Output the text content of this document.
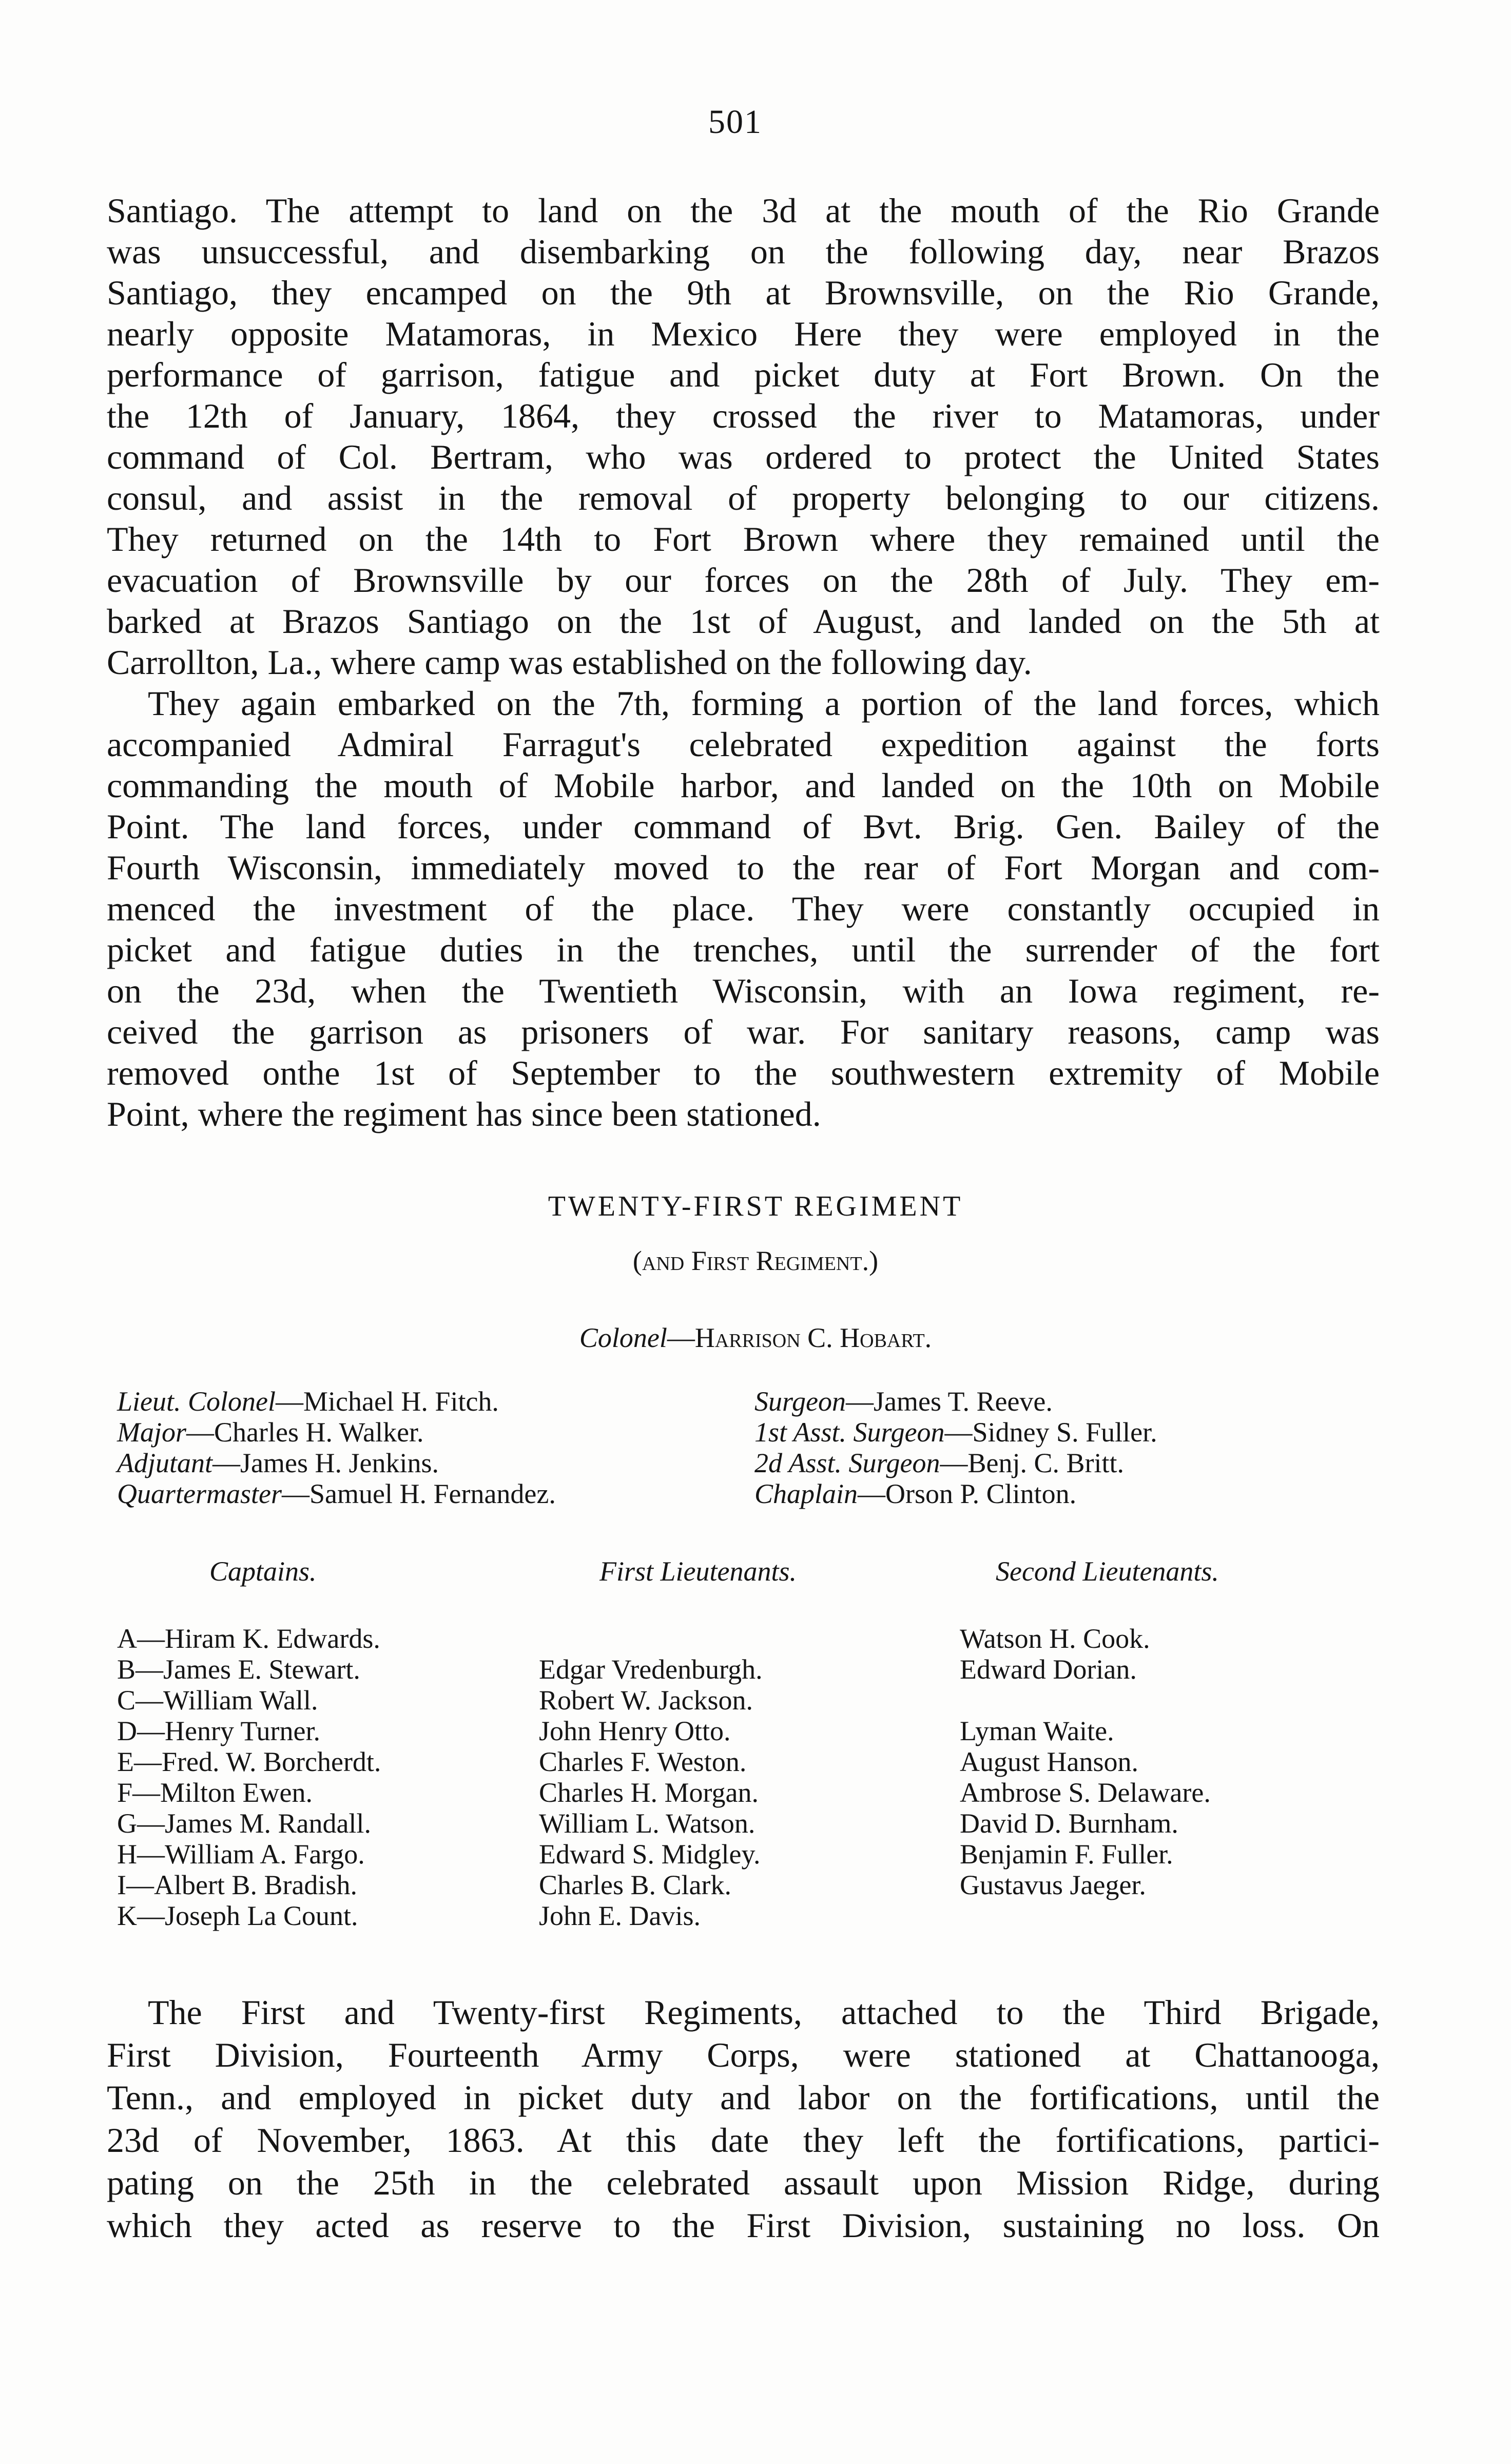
501
Santiago. The attempt to land on the 3d at the mouth of the Rio Grande
was unsuccessful, and disembarking on the following day, near Brazos
Santiago, they encamped on the 9th at Brownsville, on the Rio Grande,
nearly opposite Matamoras, in Mexico Here they were employed in the
performance of garrison, fatigue and picket duty at Fort Brown. On the
the 12th of January, 1864, they crossed the river to Matamoras, under
command of Col. Bertram, who was ordered to protect the United States
consul, and assist in the removal of property belonging to our citizens.
They returned on the 14th to Fort Brown where they remained until the
evacuation of Brownsville by our forces on the 28th of July. They em-
barked at Brazos Santiago on the 1st of August, and landed on the 5th at
Carrollton, La., where camp was established on the following day.
They again embarked on the 7th, forming a portion of the land forces, which
accompanied Admiral Farragut's celebrated expedition against the forts
commanding the mouth of Mobile harbor, and landed on the 10th on Mobile
Point. The land forces, under command of Bvt. Brig. Gen. Bailey of the
Fourth Wisconsin, immediately moved to the rear of Fort Morgan and com-
menced the investment of the place. They were constantly occupied in
picket and fatigue duties in the trenches, until the surrender of the fort
on the 23d, when the Twentieth Wisconsin, with an Iowa regiment, re-
ceived the garrison as prisoners of war. For sanitary reasons, camp was
removed onthe 1st of September to the southwestern extremity of Mobile
Point, where the regiment has since been stationed.
TWENTY-FIRST REGIMENT
(and First Regiment.)
Colonel—Harrison C. Hobart.
Lieut. Colonel—Michael H. Fitch.
Major—Charles H. Walker.
Adjutant—James H. Jenkins.
Quartermaster—Samuel H. Fernandez.
Surgeon—James T. Reeve.
1st Asst. Surgeon—Sidney S. Fuller.
2d Asst. Surgeon—Benj. C. Britt.
Chaplain—Orson P. Clinton.
Captains.	First Lieutenants.	Second Lieutenants.
A—Hiram K. Edwards.
B—James E. Stewart.
C—William Wall.
D—Henry Turner.
E—Fred. W. Borcherdt.
F—Milton Ewen.
G—James M. Randall.
H—William A. Fargo.
I—Albert B. Bradish.
K—Joseph La Count.
Edgar Vredenburgh.
Robert W. Jackson.
John Henry Otto.
Charles F. Weston.
Charles H. Morgan.
William L. Watson.
Edward S. Midgley.
Charles B. Clark.
John E. Davis.
Watson H. Cook.
Edward Dorian.
Lyman Waite.
August Hanson.
Ambrose S. Delaware.
David D. Burnham.
Benjamin F. Fuller.
Gustavus Jaeger.
The First and Twenty-first Regiments, attached to the Third Brigade,
First Division, Fourteenth Army Corps, were stationed at Chattanooga,
Tenn., and employed in picket duty and labor on the fortifications, until the
23d of November, 1863. At this date they left the fortifications, partici-
pating on the 25th in the celebrated assault upon Mission Ridge, during
which they acted as reserve to the First Division, sustaining no loss. On
